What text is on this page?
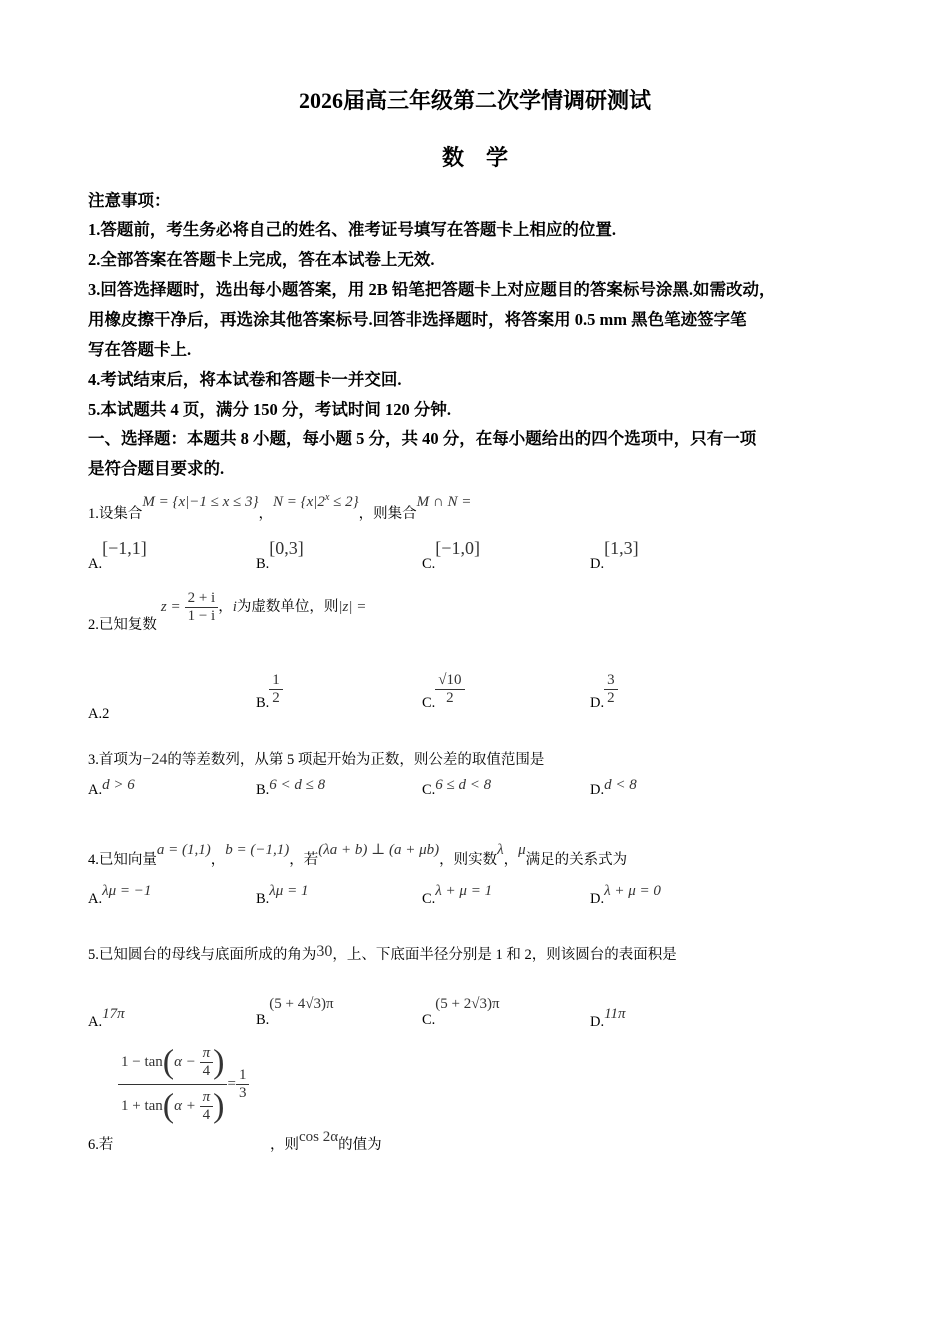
2026届高三年级第二次学情调研测试
数　学
注意事项：
1.答题前，考生务必将自己的姓名、准考证号填写在答题卡上相应的位置.
2.全部答案在答题卡上完成，答在本试卷上无效.
3.回答选择题时，选出每小题答案，用 2B 铅笔把答题卡上对应题目的答案标号涂黑.如需改动，
用橡皮擦干净后，再选涂其他答案标号.回答非选择题时，将答案用 0.5 mm 黑色笔迹签字笔
写在答题卡上.
4.考试结束后，将本试卷和答题卡一并交回.
5.本试题共 4 页，满分 150 分，考试时间 120 分钟.
一、选择题：本题共 8 小题，每小题 5 分，共 40 分，在每小题给出的四个选项中，只有一项
是符合题目要求的.
1.设集合M = {x|−1 ≤ x ≤ 3}，$N = \{x|2^x \le 2\}$，则集合M ∩ N =
A.[−1,1]
B.[0,3]
C.[−1,0]
D.[1,3]
2.已知复数 $z = \frac{2 + i}{1 - i}$ ，i为虚数单位，则|z| =
A.2
B. $\frac{1}{2}$	C. $\frac{√10}{2}$	D. $\frac{3}{2}$
3.首项为−24的等差数列，从第 5 项起开始为正数，则公差的取值范围是
A.d > 6	B.6 < d ≤ 8	C.6 ≤ d < 8	D.d < 8
4.已知向量a = (1,1)，b = (−1,1)，若(λa + b) ⊥ (a + μb)，则实数λ，μ满足的关系式为
A.λμ = −1	B.λμ = 1	C.λ + μ = 1	D.λ + μ = 0
5.已知圆台的母线与底面所成的角为30，上、下底面半径分别是 1 和 2，则该圆台的表面积是
A.17π	B.(5 + 4√3)π
C.(5 + 2√3)π
D.11π
$\frac{1 - \tan(\alpha - \frac{\pi}{4} )}{1 + \tan(\alpha + \frac{\pi}{4} )} = \frac{1}{3}$
6.若	，则cos 2α的值为
